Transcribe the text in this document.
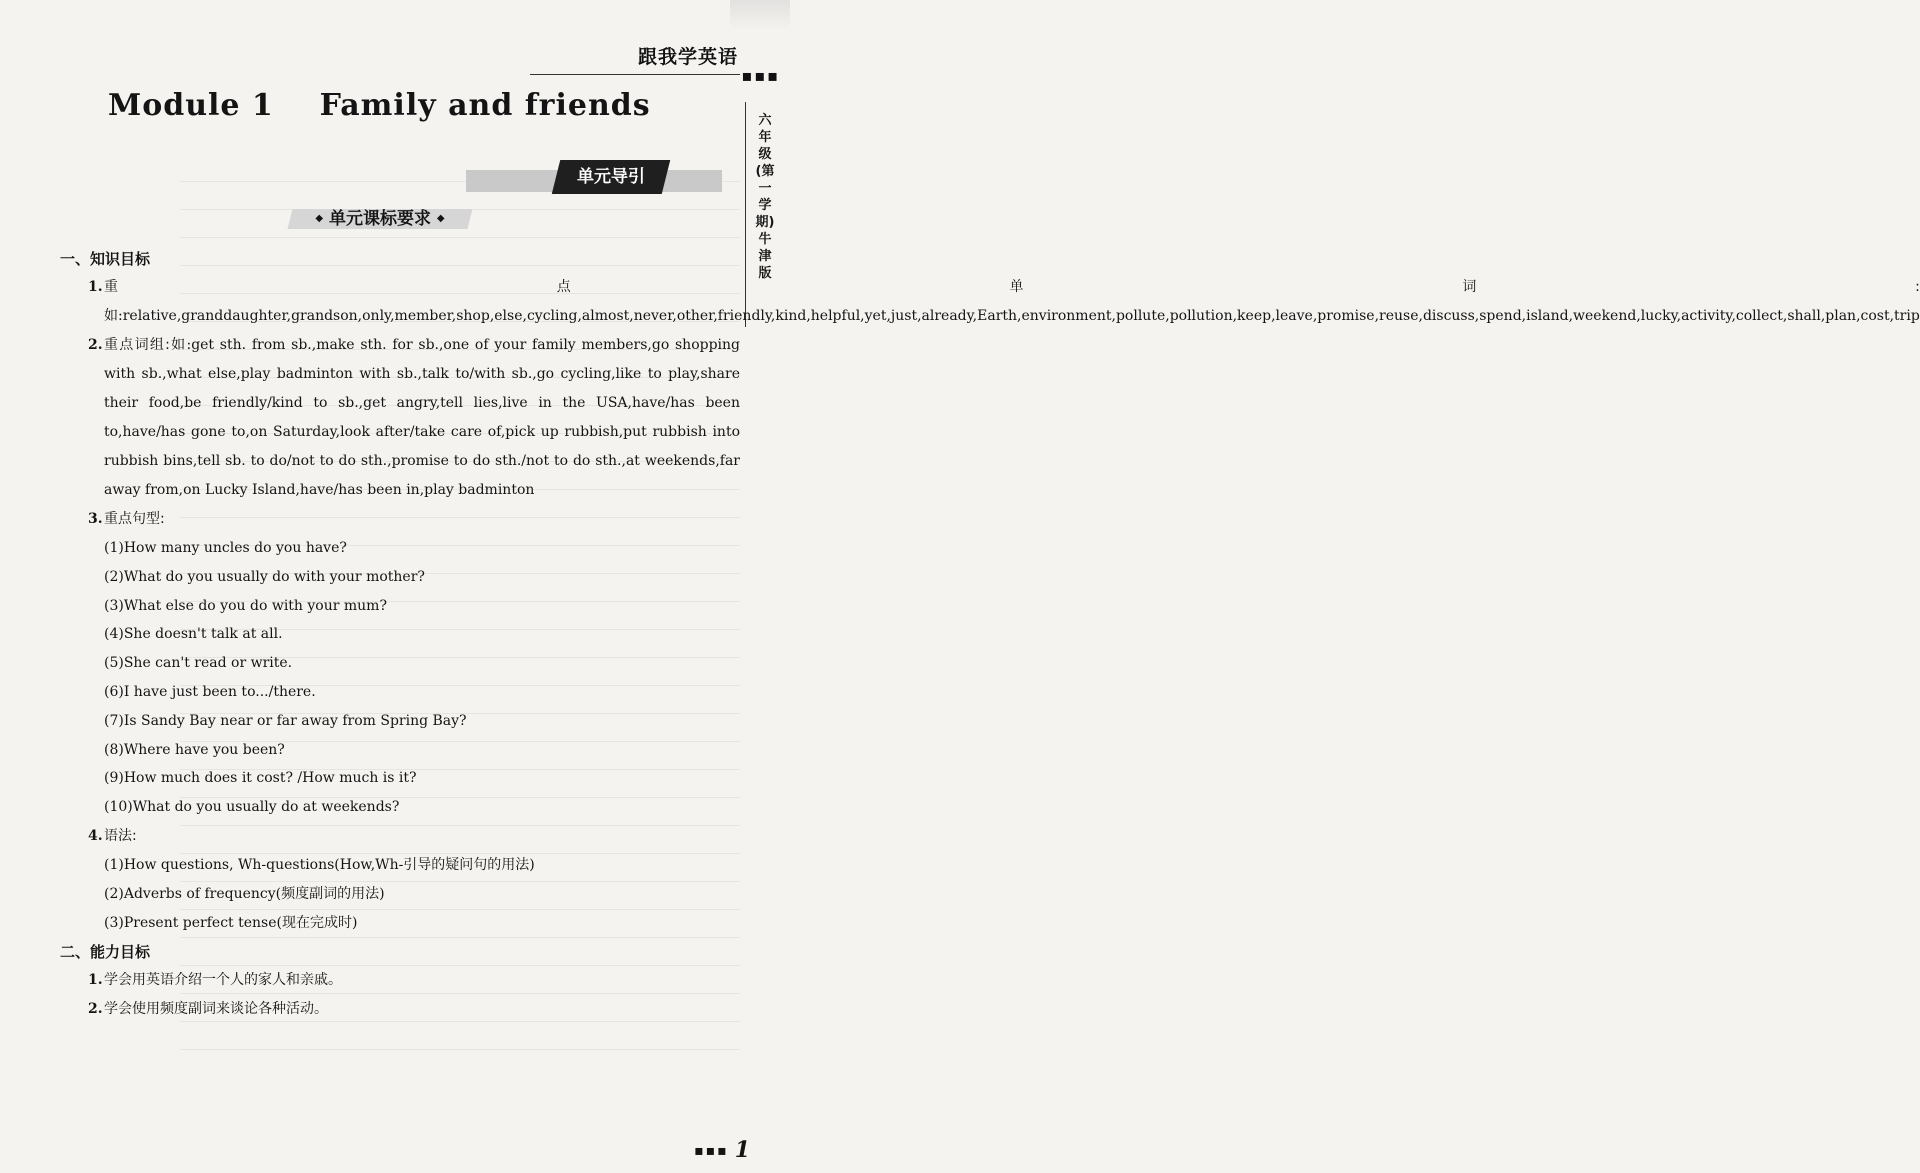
跟我学英语
▪▪▪
六年级(第一学期)牛津版
Module 1    Family and friends
单元导引
◆ 单元课标要求 ◆
一、知识目标
1. 重点单词:如:relative,granddaughter,grandson,only,member,shop,else,cycling,almost,never,other,friendly,kind,helpful,yet,just,already,Earth,environment,pollute,pollution,keep,leave,promise,reuse,discuss,spend,island,weekend,lucky,activity,collect,shall,plan,cost,trip
2. 重点词组:如:get sth. from sb.,make sth. for sb.,one of your family members,go shopping with sb.,what else,play badminton with sb.,talk to/with sb.,go cycling,like to play,share their food,be friendly/kind to sb.,get angry,tell lies,live in the USA,have/has been to,have/has gone to,on Saturday,look after/take care of,pick up rubbish,put rubbish into rubbish bins,tell sb. to do/not to do sth.,promise to do sth./not to do sth.,at weekends,far away from,on Lucky Island,have/has been in,play badminton
3. 重点句型:
(1)How many uncles do you have?
(2)What do you usually do with your mother?
(3)What else do you do with your mum?
(4)She doesn't talk at all.
(5)She can't read or write.
(6)I have just been to.../there.
(7)Is Sandy Bay near or far away from Spring Bay?
(8)Where have you been?
(9)How much does it cost? /How much is it?
(10)What do you usually do at weekends?
4. 语法:
(1)How questions, Wh-questions(How,Wh-引导的疑问句的用法)
(2)Adverbs of frequency(频度副词的用法)
(3)Present perfect tense(现在完成时)
二、能力目标
1. 学会用英语介绍一个人的家人和亲戚。
2. 学会使用频度副词来谈论各种活动。
▪▪▪ 1
